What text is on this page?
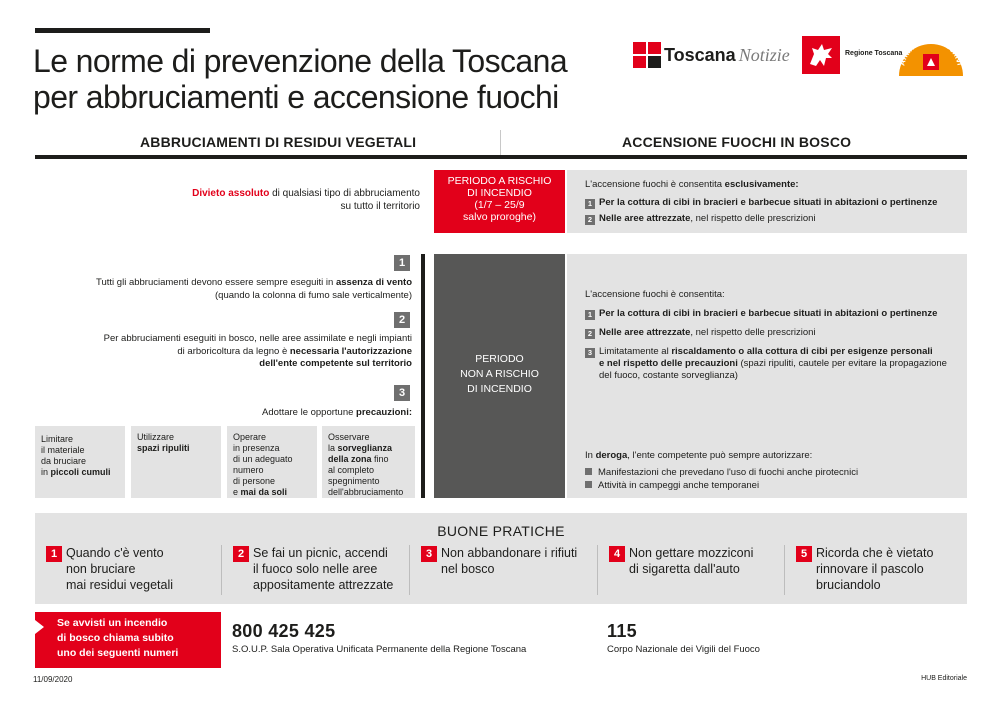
Le norme di prevenzione della Toscana
per abbruciamenti e accensione fuochi
Toscana Notizie	Regione Toscana
Antincendi boschivi
ABBRUCIAMENTI DI RESIDUI VEGETALI	ACCENSIONE FUOCHI IN BOSCO
Divieto assoluto di qualsiasi tipo di abbruciamento
su tutto il territorio
PERIODO A RISCHIO
DI INCENDIO
(1/7 – 25/9
salvo proroghe)
L'accensione fuochi è consentita esclusivamente:
1 Per la cottura di cibi in bracieri e barbecue situati in abitazioni o pertinenze
2 Nelle aree attrezzate, nel rispetto delle prescrizioni
1
Tutti gli abbruciamenti devono essere sempre eseguiti in assenza di vento
(quando la colonna di fumo sale verticalmente)
2
Per abbruciamenti eseguiti in bosco, nelle aree assimilate e negli impianti
di arboricoltura da legno è necessaria l'autorizzazione
dell'ente competente sul territorio
3
Adottare le opportune precauzioni:
Limitare
il materiale
da bruciare
in piccoli cumuli
Utilizzare
spazi ripuliti
Operare
in presenza
di un adeguato
numero
di persone
e mai da soli
Osservare
la sorveglianza
della zona fino
al completo
spegnimento
dell'abbruciamento
PERIODO
NON A RISCHIO
DI INCENDIO
L'accensione fuochi è consentita:
1 Per la cottura di cibi in bracieri e barbecue situati in abitazioni o pertinenze
2 Nelle aree attrezzate, nel rispetto delle prescrizioni
3 Limitatamente al riscaldamento o alla cottura di cibi per esigenze personali
e nel rispetto delle precauzioni (spazi ripuliti, cautele per evitare la propagazione
del fuoco, costante sorveglianza)
In deroga, l'ente competente può sempre autorizzare:
Manifestazioni che prevedano l'uso di fuochi anche pirotecnici
Attività in campeggi anche temporanei
BUONE PRATICHE
1 Quando c'è vento
non bruciare
mai residui vegetali
2 Se fai un picnic, accendi
il fuoco solo nelle aree
appositamente attrezzate
3 Non abbandonare i rifiuti
nel bosco
4 Non gettare mozziconi
di sigaretta dall'auto
5 Ricorda che è vietato
rinnovare il pascolo
bruciandolo
Se avvisti un incendio
di bosco chiama subito
uno dei seguenti numeri
800 425 425
S.O.U.P. Sala Operativa Unificata Permanente della Regione Toscana
115
Corpo Nazionale dei Vigili del Fuoco
11/09/2020	HUB Editoriale
